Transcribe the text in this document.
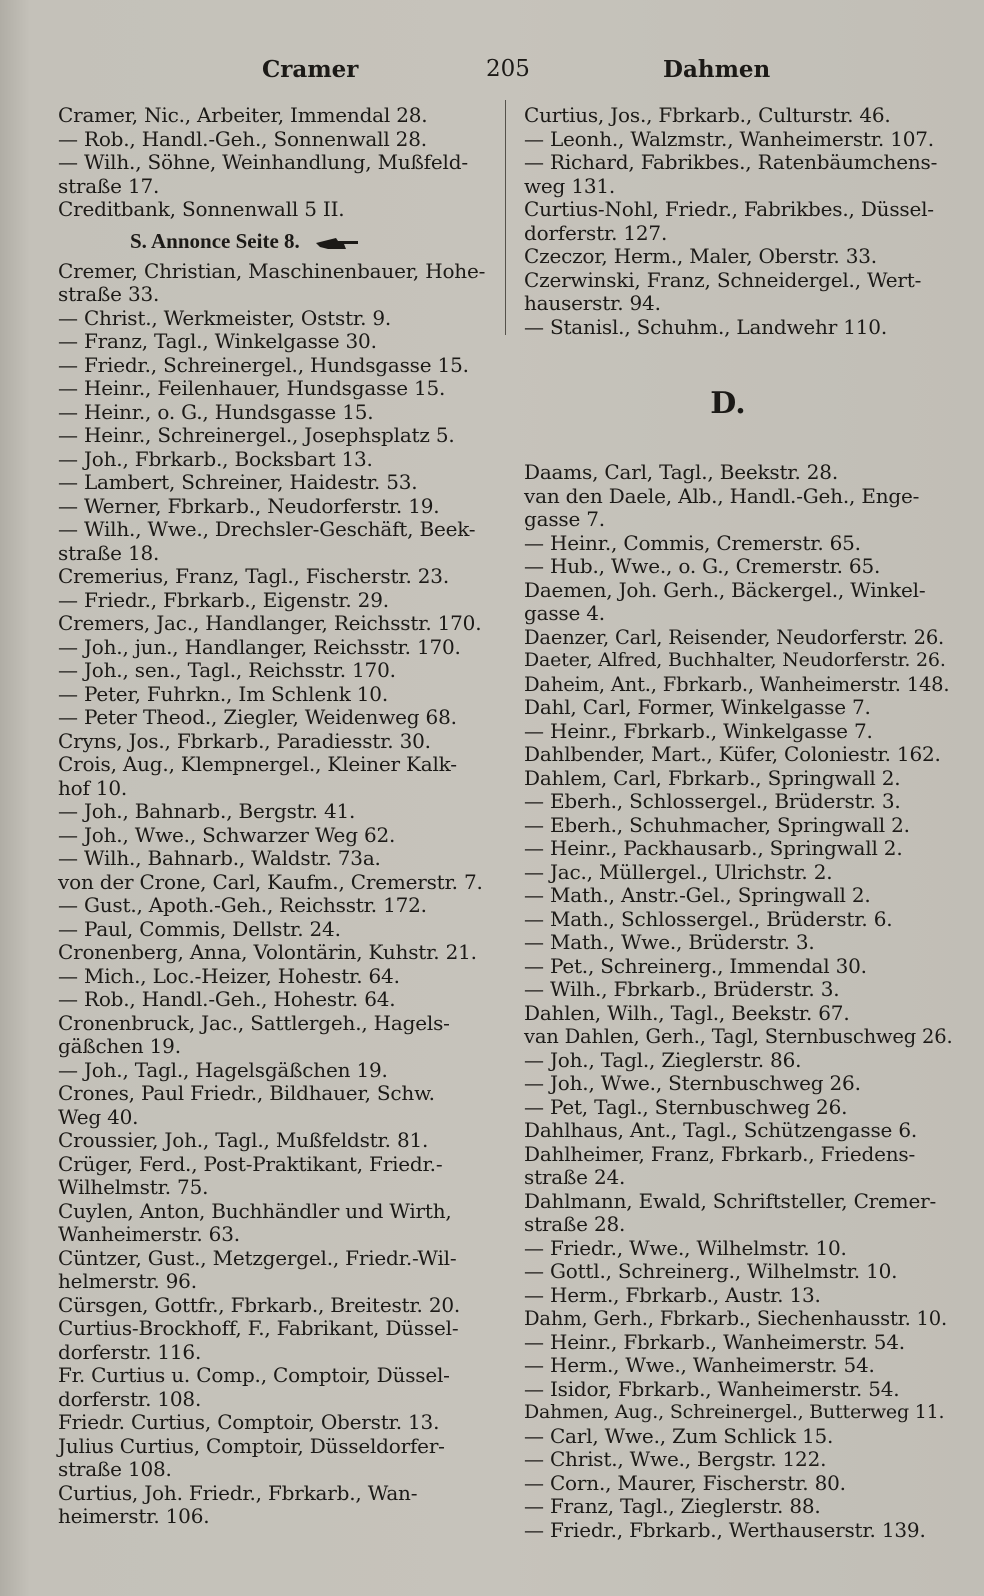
Cramer	205	Dahmen
Cramer, Nic., Arbeiter, Immendal 28.
— Rob., Handl.-Geh., Sonnenwall 28.
— Wilh., Söhne, Weinhandlung, Mußfeld-
straße 17.
Creditbank, Sonnenwall 5 II.
S. Annonce Seite 8.
Cremer, Christian, Maschinenbauer, Hohe-
straße 33.
— Christ., Werkmeister, Oststr. 9.
— Franz, Tagl., Winkelgasse 30.
— Friedr., Schreinergel., Hundsgasse 15.
— Heinr., Feilenhauer, Hundsgasse 15.
— Heinr., o. G., Hundsgasse 15.
— Heinr., Schreinergel., Josephsplatz 5.
— Joh., Fbrkarb., Bocksbart 13.
— Lambert, Schreiner, Haidestr. 53.
— Werner, Fbrkarb., Neudorferstr. 19.
— Wilh., Wwe., Drechsler-Geschäft, Beek-
straße 18.
Cremerius, Franz, Tagl., Fischerstr. 23.
— Friedr., Fbrkarb., Eigenstr. 29.
Cremers, Jac., Handlanger, Reichsstr. 170.
— Joh., jun., Handlanger, Reichsstr. 170.
— Joh., sen., Tagl., Reichsstr. 170.
— Peter, Fuhrkn., Im Schlenk 10.
— Peter Theod., Ziegler, Weidenweg 68.
Cryns, Jos., Fbrkarb., Paradiesstr. 30.
Crois, Aug., Klempnergel., Kleiner Kalk-
hof 10.
— Joh., Bahnarb., Bergstr. 41.
— Joh., Wwe., Schwarzer Weg 62.
— Wilh., Bahnarb., Waldstr. 73a.
von der Crone, Carl, Kaufm., Cremerstr. 7.
— Gust., Apoth.-Geh., Reichsstr. 172.
— Paul, Commis, Dellstr. 24.
Cronenberg, Anna, Volontärin, Kuhstr. 21.
— Mich., Loc.-Heizer, Hohestr. 64.
— Rob., Handl.-Geh., Hohestr. 64.
Cronenbruck, Jac., Sattlergeh., Hagels-
gäßchen 19.
— Joh., Tagl., Hagelsgäßchen 19.
Crones, Paul Friedr., Bildhauer, Schw.
Weg 40.
Croussier, Joh., Tagl., Mußfeldstr. 81.
Crüger, Ferd., Post-Praktikant, Friedr.-
Wilhelmstr. 75.
Cuylen, Anton, Buchhändler und Wirth,
Wanheimerstr. 63.
Cüntzer, Gust., Metzgergel., Friedr.-Wil-
helmerstr. 96.
Cürsgen, Gottfr., Fbrkarb., Breitestr. 20.
Curtius-Brockhoff, F., Fabrikant, Düssel-
dorferstr. 116.
Fr. Curtius u. Comp., Comptoir, Düssel-
dorferstr. 108.
Friedr. Curtius, Comptoir, Oberstr. 13.
Julius Curtius, Comptoir, Düsseldorfer-
straße 108.
Curtius, Joh. Friedr., Fbrkarb., Wan-
heimerstr. 106.
Curtius, Jos., Fbrkarb., Culturstr. 46.
— Leonh., Walzmstr., Wanheimerstr. 107.
— Richard, Fabrikbes., Ratenbäumchens-
weg 131.
Curtius-Nohl, Friedr., Fabrikbes., Düssel-
dorferstr. 127.
Czeczor, Herm., Maler, Oberstr. 33.
Czerwinski, Franz, Schneidergel., Wert-
hauserstr. 94.
— Stanisl., Schuhm., Landwehr 110.
D.
Daams, Carl, Tagl., Beekstr. 28.
van den Daele, Alb., Handl.-Geh., Enge-
gasse 7.
— Heinr., Commis, Cremerstr. 65.
— Hub., Wwe., o. G., Cremerstr. 65.
Daemen, Joh. Gerh., Bäckergel., Winkel-
gasse 4.
Daenzer, Carl, Reisender, Neudorferstr. 26.
Daeter, Alfred, Buchhalter, Neudorferstr. 26.
Daheim, Ant., Fbrkarb., Wanheimerstr. 148.
Dahl, Carl, Former, Winkelgasse 7.
— Heinr., Fbrkarb., Winkelgasse 7.
Dahlbender, Mart., Küfer, Coloniestr. 162.
Dahlem, Carl, Fbrkarb., Springwall 2.
— Eberh., Schlossergel., Brüderstr. 3.
— Eberh., Schuhmacher, Springwall 2.
— Heinr., Packhausarb., Springwall 2.
— Jac., Müllergel., Ulrichstr. 2.
— Math., Anstr.-Gel., Springwall 2.
— Math., Schlossergel., Brüderstr. 6.
— Math., Wwe., Brüderstr. 3.
— Pet., Schreinerg., Immendal 30.
— Wilh., Fbrkarb., Brüderstr. 3.
Dahlen, Wilh., Tagl., Beekstr. 67.
van Dahlen, Gerh., Tagl, Sternbuschweg 26.
— Joh., Tagl., Zieglerstr. 86.
— Joh., Wwe., Sternbuschweg 26.
— Pet, Tagl., Sternbuschweg 26.
Dahlhaus, Ant., Tagl., Schützengasse 6.
Dahlheimer, Franz, Fbrkarb., Friedens-
straße 24.
Dahlmann, Ewald, Schriftsteller, Cremer-
straße 28.
— Friedr., Wwe., Wilhelmstr. 10.
— Gottl., Schreinerg., Wilhelmstr. 10.
— Herm., Fbrkarb., Austr. 13.
Dahm, Gerh., Fbrkarb., Siechenhausstr. 10.
— Heinr., Fbrkarb., Wanheimerstr. 54.
— Herm., Wwe., Wanheimerstr. 54.
— Isidor, Fbrkarb., Wanheimerstr. 54.
Dahmen, Aug., Schreinergel., Butterweg 11.
— Carl, Wwe., Zum Schlick 15.
— Christ., Wwe., Bergstr. 122.
— Corn., Maurer, Fischerstr. 80.
— Franz, Tagl., Zieglerstr. 88.
— Friedr., Fbrkarb., Werthauserstr. 139.
